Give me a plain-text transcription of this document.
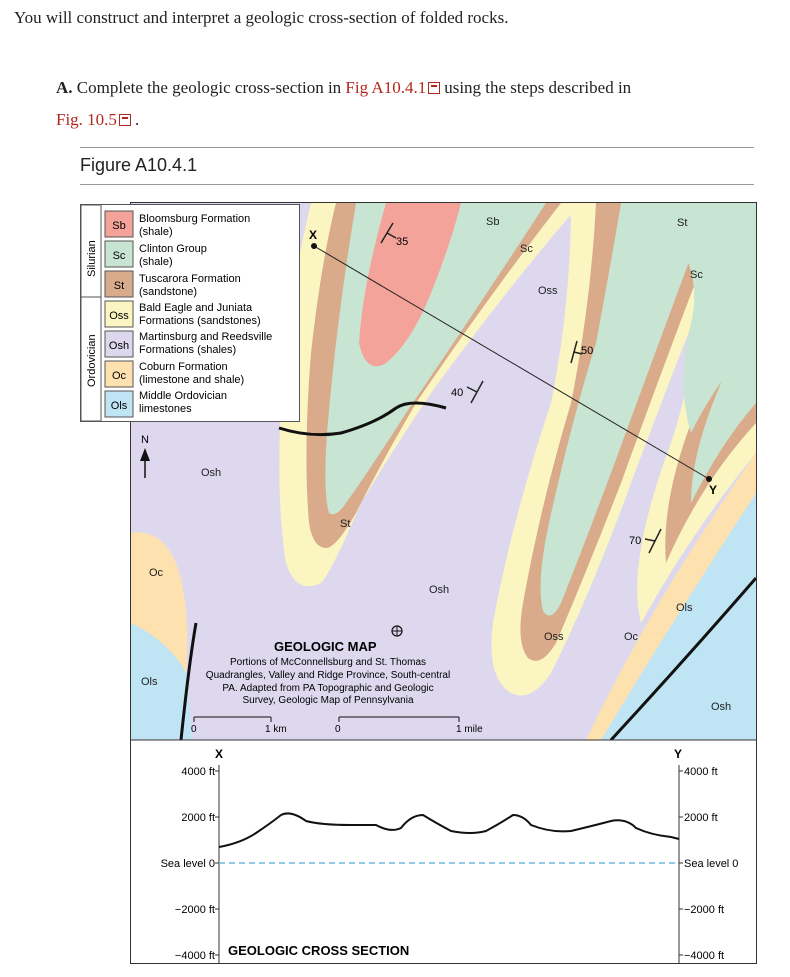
You will construct and interpret a geologic cross-section of folded rocks.
A. Complete the geologic cross-section in Fig A10.4.1 using the steps described in
Fig. 10.5 .
Figure A10.4.1
X
Y
35
40
50
70
Osh
Osh
Osh
Oc
Oc
Ols
Ols
Sb
Sc
Sc
St
St
Oss
Oss
N
GEOLOGIC MAP
Portions of McConnellsburg and St. Thomas
Quadrangles, Valley and Ridge Province, South-central
PA. Adapted from PA Topographic and Geologic
Survey, Geologic Map of Pennsylvania
0	1 km	0	1 mile
X	Y
4000 ft
2000 ft
Sea level 0
−2000 ft
−4000 ft
4000 ft
2000 ft
Sea level 0
−2000 ft
−4000 ft
GEOLOGIC CROSS SECTION
Silurian
Ordovician
Sb
Bloomsburg Formation
(shale)
Sc
Clinton Group
(shale)
St
Tuscarora Formation
(sandstone)
Oss
Bald Eagle and Juniata
Formations (sandstones)
Osh
Martinsburg and Reedsville
Formations (shales)
Oc
Coburn Formation
(limestone and shale)
Ols
Middle Ordovician
limestones
